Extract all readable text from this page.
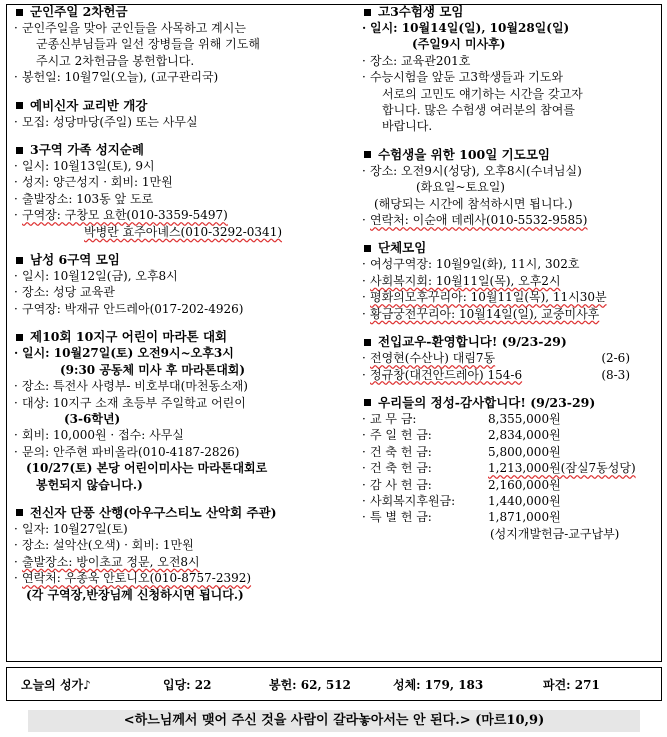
군인주일 2차헌금
· 군인주일을 맞아 군인들을 사목하고 계시는
군종신부님들과 일선 장병들을 위해 기도해
주시고 2차헌금을 봉헌합니다.
· 봉헌일: 10월7일(오늘), (교구관리국)
예비신자 교리반 개강
· 모집: 성당마당(주일) 또는 사무실
3구역 가족 성지순례
· 일시: 10월13일(토), 9시
· 성지: 양근성지 · 회비: 1만원
· 출발장소: 103동 앞 도로
· 구역장: 구창모 요한(010-3359-5497)
박병란 효주아녜스(010-3292-0341)
남성 6구역 모임
· 일시: 10월12일(금), 오후8시
· 장소: 성당 교육관
· 구역장: 박재규 안드레아(017-202-4926)
제10회 10지구 어린이 마라톤 대회
· 일시: 10월27일(토) 오전9시~오후3시
(9:30 공동체 미사 후 마라톤대회)
· 장소: 특전사 사령부- 비호부대(마천동소재)
· 대상: 10지구 소재 초등부 주일학교 어린이
(3-6학년)
· 회비: 10,000원 · 접수: 사무실
· 문의: 안주현 파비올라(010-4187-2826)
(10/27(토) 본당 어린이미사는 마라톤대회로
봉헌되지 않습니다.)
전신자 단풍 산행(아우구스티노 산악회 주관)
· 일자: 10월27일(토)
· 장소: 설악산(오색) · 회비: 1만원
· 출발장소: 방이초교 정문, 오전8시
· 연락처: 우종욱 안토니오(010-8757-2392)
(각 구역장,반장님께 신청하시면 됩니다.)
고3수험생 모임
· 일시: 10월14일(일), 10월28일(일)
(주일9시 미사후)
· 장소: 교육관201호
· 수능시험을 앞둔 고3학생들과 기도와
서로의 고민도 얘기하는 시간을 갖고자
합니다. 많은 수험생 여러분의 참여를
바랍니다.
수험생을 위한 100일 기도모임
· 장소: 오전9시(성당), 오후8시(수녀님실)
(화요일~토요일)
(해당되는 시간에 참석하시면 됩니다.)
· 연락처: 이순애 데레사(010-5532-9585)
단체모임
· 여성구역장: 10월9일(화), 11시, 302호
· 사회복지회: 10월11일(목), 오후2시
· 평화의모후꾸리아: 10월11일(목), 11시30분
· 황금궁전꾸리아: 10월14일(일), 교중미사후
전입교우-환영합니다! (9/23-29)
· 전영현(수산나) 대림7동	(2-6)
· 정규창(대건안드레아) 154-6	(8-3)
우리들의 정성-감사합니다! (9/23-29)
· 교 무 금:	8,355,000원
· 주 일 헌 금:	2,834,000원
· 건 축 헌 금:	5,800,000원
· 건 축 헌 금:	1,213,000원(잠실7동성당)
· 감 사 헌 금:	2,160,000원
· 사회복지후원금:	1,440,000원
· 특 별 헌 금:	1,871,000원
(성지개발헌금-교구납부)
오늘의 성가♪	입당: 22	봉헌: 62, 512	성체: 179, 183	파견: 271
<하느님께서 맺어 주신 것을 사람이 갈라놓아서는 안 된다.> (마르10,9)
